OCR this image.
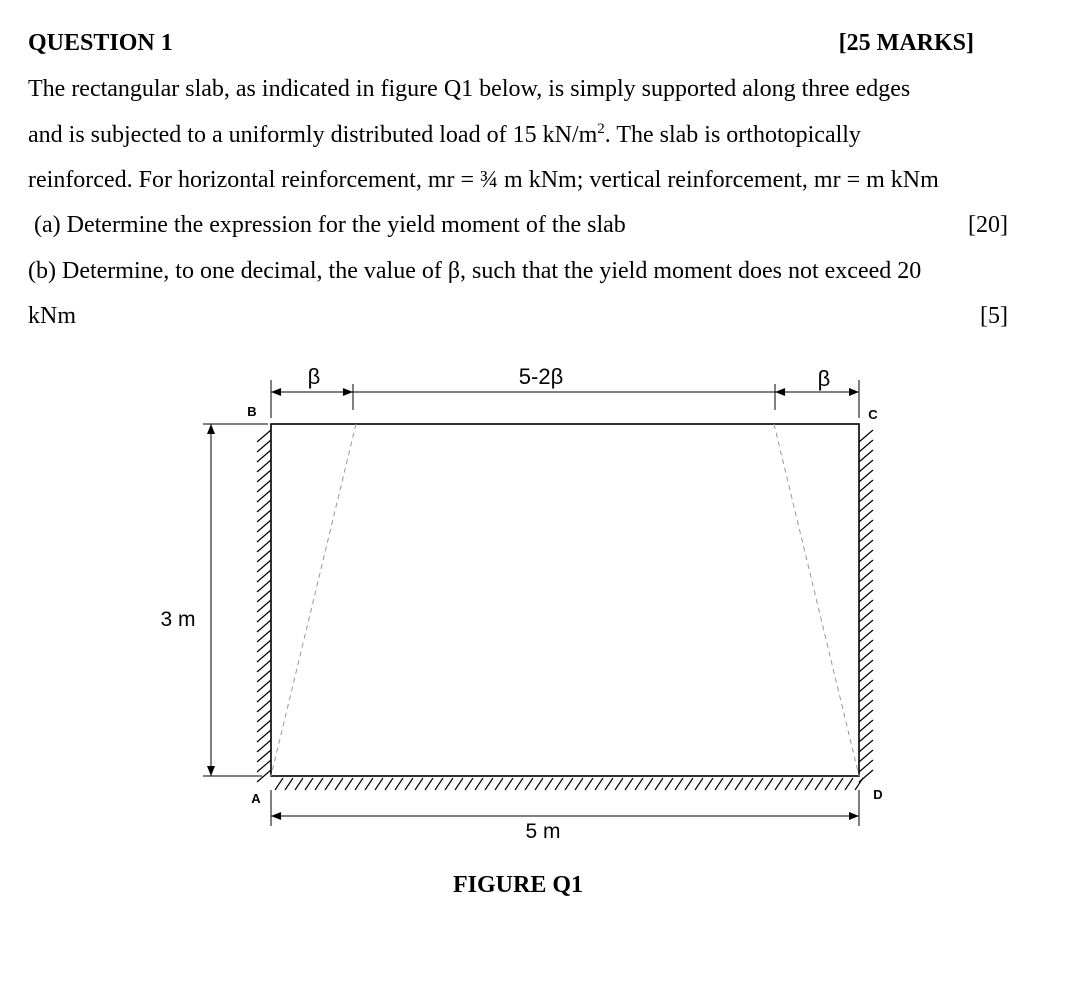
QUESTION 1	[25 MARKS]
The rectangular slab, as indicated in figure Q1 below, is simply supported along three edges
and is subjected to a uniformly distributed load of 15 $kN/m^2$. The slab is orthotopically
reinforced. For horizontal reinforcement, mr = ¾ m kNm; vertical reinforcement, mr = m kNm
(a) Determine the expression for the yield moment of the slab	[20]
(b) Determine, to one decimal, the value of β, such that the yield moment does not exceed 20
kNm	[5]
β	5-2β	β
3 m
5 m
B	C
A	D
FIGURE Q1
